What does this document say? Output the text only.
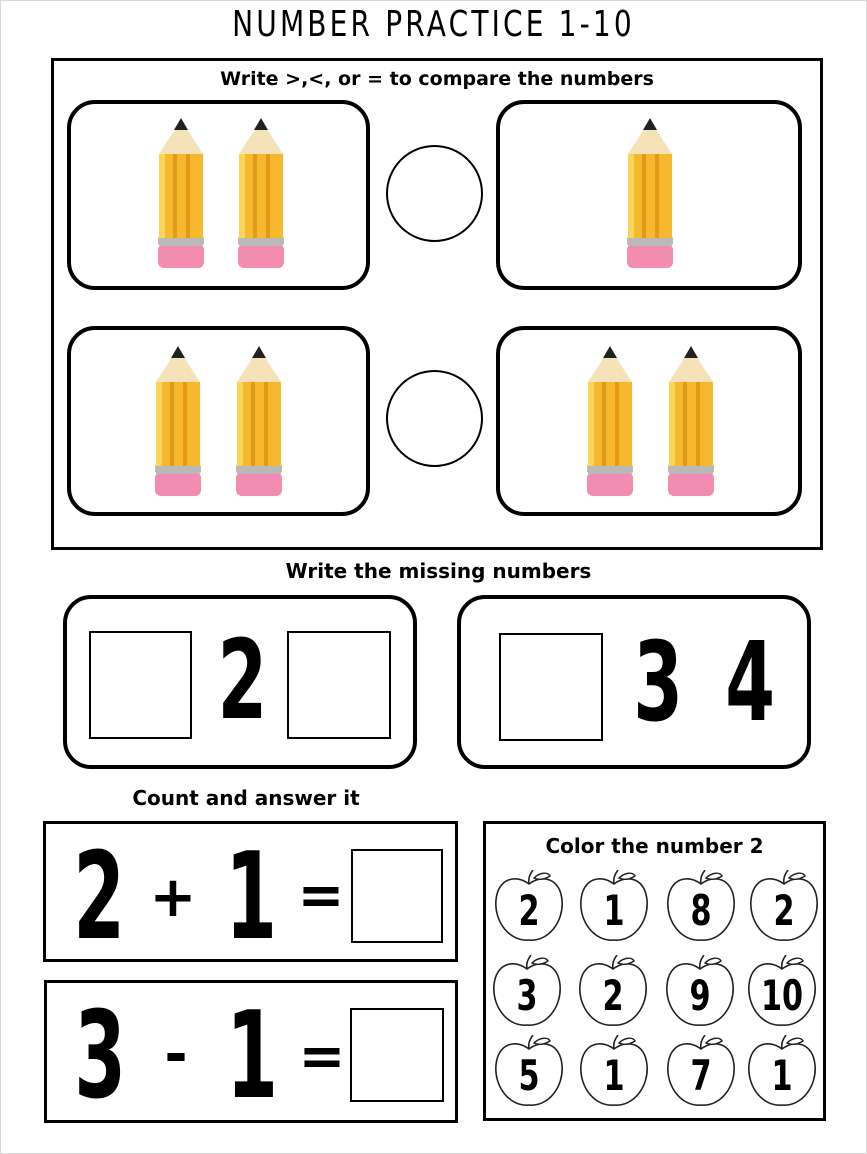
NUMBER PRACTICE 1-10
Write >,<, or = to compare the numbers
Write the missing numbers
2	3 4
Count and answer it
2 + 1 =
3 - 1 =
Color the number 2
2	1	8	2
3	2	9	10
5	1	7	1
